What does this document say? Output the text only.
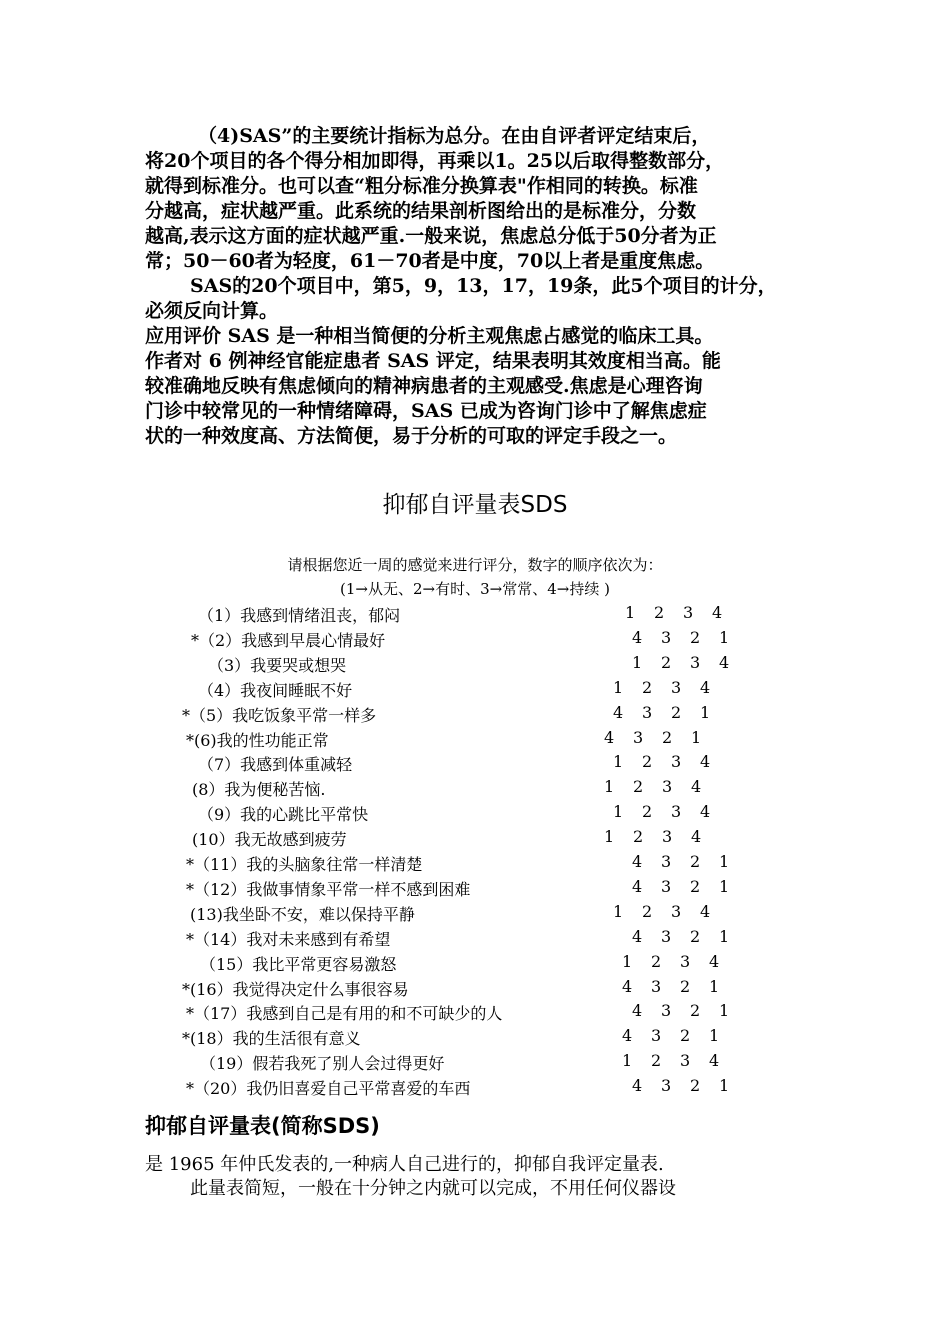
（4)SAS”的主要统计指标为总分。在由自评者评定结束后，
将20个项目的各个得分相加即得，再乘以1。25以后取得整数部分，
就得到标准分。也可以查“粗分标准分换算表"作相同的转换。标准
分越高，症状越严重。此系统的结果剖析图给出的是标准分，分数
越高,表示这方面的症状越严重.一般来说，焦虑总分低于50分者为正
常；50－60者为轻度，61－70者是中度，70以上者是重度焦虑。
SAS的20个项目中，第5，9，13，17，19条，此5个项目的计分，
必须反向计算。
应用评价 SAS 是一种相当简便的分析主观焦虑占感觉的临床工具。
作者对 6 例神经官能症患者 SAS 评定，结果表明其效度相当高。能
较准确地反映有焦虑倾向的精神病患者的主观感受.焦虑是心理咨询
门诊中较常见的一种情绪障碍，SAS 已成为咨询门诊中了解焦虑症
状的一种效度高、方法简便，易于分析的可取的评定手段之一。
抑郁自评量表SDS
请根据您近一周的感觉来进行评分，数字的顺序依次为：
(1→从无、2→有时、3→常常、4→持续 )
（1）我感到情绪沮丧，郁闷	1 2 3 4
*（2）我感到早晨心情最好	4 3 2 1
（3）我要哭或想哭	1 2 3 4
（4）我夜间睡眠不好	1 2 3 4
*（5）我吃饭象平常一样多	4 3 2 1
*(6)我的性功能正常	4 3 2 1
（7）我感到体重减轻	1 2 3 4
(8）我为便秘苦恼.	1 2 3 4
（9）我的心跳比平常快	1 2 3 4
(10）我无故感到疲劳	1 2 3 4
*（11）我的头脑象往常一样清楚	4 3 2 1
*（12）我做事情象平常一样不感到困难	4 3 2 1
(13)我坐卧不安，难以保持平静	1 2 3 4
*（14）我对未来感到有希望	4 3 2 1
（15）我比平常更容易激怒	1 2 3 4
*(16）我觉得决定什么事很容易	4 3 2 1
*（17）我感到自己是有用的和不可缺少的人	4 3 2 1
*(18）我的生活很有意义	4 3 2 1
（19）假若我死了别人会过得更好	1 2 3 4
*（20）我仍旧喜爱自己平常喜爱的车西	4 3 2 1
抑郁自评量表(简称SDS)
是 1965 年仲氏发表的,一种病人自己进行的，抑郁自我评定量表.
此量表简短，一般在十分钟之内就可以完成，不用任何仪器设
